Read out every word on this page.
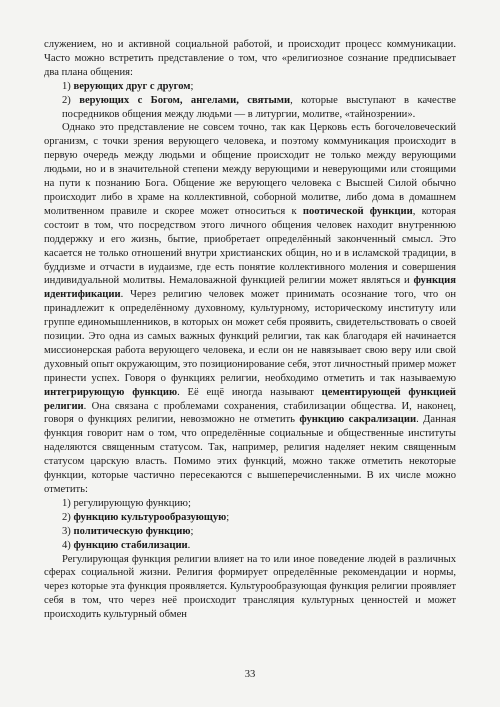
служением, но и активной социальной работой, и происходит процесс коммуникации. Часто можно встретить представление о том, что «религиозное сознание предписывает два плана общения:

1) верующих друг с другом;

2) верующих с Богом, ангелами, святыми, которые выступают в качестве посредников общения между людьми — в литургии, молитве, «тайнозрении».

Однако это представление не совсем точно, так как Церковь есть богочеловеческий организм, с точки зрения верующего человека, и поэтому коммуникация происходит в первую очередь между людьми и общение происходит не только между верующими людьми, но и в значительной степени между верующими и неверующими или стоящими на пути к познанию Бога. Общение же верующего человека с Высшей Силой обычно происходит либо в храме на коллективной, соборной молитве, либо дома в домашнем молитвенном правиле и скорее может относиться к поотической функции, которая состоит в том, что посредством этого личного общения человек находит внутреннюю поддержку и его жизнь, бытие, приобретает определённый законченный смысл. Это касается не только отношений внутри христианских общин, но и в исламской традиции, в буддизме и отчасти в иудаизме, где есть понятие коллективного моления и совершения индивидуальной молитвы. Немаловажной функцией религии может являться и функция идентификации. Через религию человек может принимать осознание того, что он принадлежит к определённому духовному, культурному, историческому институту или группе единомышленников, в которых он может себя проявить, свидетельствовать о своей позиции. Это одна из самых важных функций религии, так как благодаря ей начинается миссионерская работа верующего человека, и если он не навязывает свою веру или свой духовный опыт окружающим, это позиционирование себя, этот личностный пример может принести успех. Говоря о функциях религии, необходимо отметить и так называемую интегрирующую функцию. Её ещё иногда называют цементирующей функцией религии. Она связана с проблемами сохранения, стабилизации общества. И, наконец, говоря о функциях религии, невозможно не отметить функцию сакрализации. Данная функция говорит нам о том, что определённые социальные и общественные институты наделяются священным статусом. Так, например, религия наделяет неким священным статусом царскую власть. Помимо этих функций, можно также отметить некоторые функции, которые частично пересекаются с вышеперечисленными. В их числе можно отметить:

1) регулирующую функцию;

2) функцию культурообразующую;

3) политическую функцию;

4) функцию стабилизации.

Регулирующая функция религии влияет на то или иное поведение людей в различных сферах социальной жизни. Религия формирует определённые рекомендации и нормы, через которые эта функция проявляется. Культурообразующая функция религии проявляет себя в том, что через неё происходит трансляция культурных ценностей и может происходить культурный обмен

33
